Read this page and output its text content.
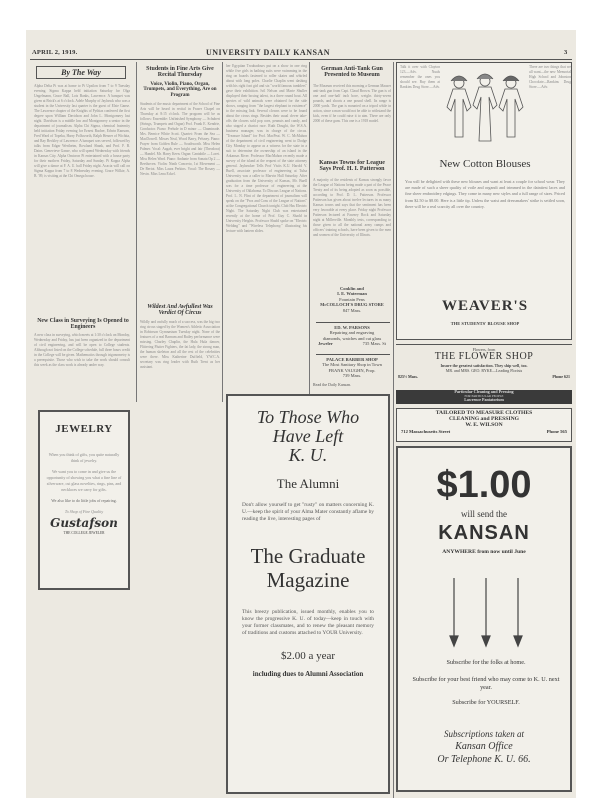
APRIL 2, 1919.	UNIVERSITY DAILY KANSAN	3
By The Way
Alpha Delta Pi was at home to Pi Upsilon from 7 to 9 Tuesday evening. Sigma Kappa held initiation Saturday for Olga Ungelmann, Grace Ball, Lois Banks, Lawrence. A banquet was given at Brick's at 6 o'clock. Adele Murphy of Jayhawk who was a student in the University last quarter is the guest of Elsie Ganse. The Lawrence chapter of the Knights of Pythias conferred the first degree upon William Davidson and John L. Montgomery last night. Davidson is a middle law and Montgomery a senior in the department of journalism. Alpha Chi Sigma, chemical fraternity held initiation Friday evening for Ernest Bacher, Edwin Ransom, Fred Ward of Topeka, Harry Pollsworth, Ralph Hesner of Wichita, and Ray Beckley of Lawrence. A banquet was served, followed by talks from Edgar Wertheim, Rowland Shank, and Prof. F. B. Dains. Genevieve Ganse, who will spend Wednesday with friends in Kansas City. Alpha Omicron Pi entertained with a house party for their mothers Friday, Saturday and Sunday. Pi Kappa Alpha will give a dance at F. A. U. hall Friday night. Acacia will call on Sigma Kappa from 7 to 8 Wednesday evening. Grace Wilkie, A. B. '09, is visiting at the Chi Omega house.
New Class in Surveying Is Opened to Engineers
A new class in surveying, which meets at 1:30 o'clock on Monday, Wednesday and Friday, has just been organized in the department of civil engineering, and will be open to College students. Although not listed on the College schedule, full three hours credit in the College will be given. Mathematics through trigonometry is a prerequisite. Those who wish to take the work should consult this week as the class work is already under way.
JEWELRY
When you think of gifts, you quite naturally think of jewelry.
We want you to come in and give us the opportunity of showing you what a fine line of silverware, cut glass novelties, rings, pins, and necklaces we carry for gifts.
We also like to do little jobs of repairing.
To Shop of Fine Quality
Gustafson
THE COLLEGE JEWELER
Students in Fine Arts Give Recital Thursday
Voice, Violin, Piano, Organ, Trumpets, and Everything, Are on Program
Students of the music department of the School of Fine Arts will be heard in recital in Fraser Chapel on Thursday at 8:15 o'clock. The program will be as follows: Ensemble: Unfinished Symphony — Schubert (Strings, Trumpets and Organ) Prof. Frank E. Kendrie, Conductor. Piano: Prelude in D minor — Chaminade. Mrs. Bernice White Scott. Quartet: From the Sea — MacDowell. Misses Neal, Wood Barry, Pelsney. Piano: Prayer from Golden Rule — Southworth. Miss Helen Palmer. Vocal: Aagab, ever bright and fair (Theodora) — Handel. Mr. Harry Keen. Organ: Cantabile — Loret. Miss Helen Ward. Piano: Andante from Sonata Op 2 — Beethoven. Violin: Ninth Concerto, 1st Movement — De Beriot. Miss Laura Perkins. Vocal: The Rosary — Nevin. Miss Lena Eckel.
Wildest And Awfullest Was Verdict Of Circus
Wildly and awfully much of a success, was the big two ring circus staged by the Women's Athletic Association in Robinson Gymnasium Tuesday night. None of the features of a real Barnum and Bailey performance were missing. Charley Chaplin, the Hula Hula dancer, Flittering Flutter Fighters, the fat lady, the strong man, the human skeleton and all the rest of the celebrities were there. Miss Katherine Duffield, Y.W.C.A. secretary was ring leader with Ruth Trent as her assistant.
her Egyptian Troubadours put on a show in one ring while five girls in bathing suits were swimming in the ring on boards fastened to roller skates and whirled about with long poles. Charlie Chaplin went dashing with his right foot girl and six "world famous tumblers" gave their exhibition. Ivil Nelson and Marie Shuller displayed their boxing talent, in a three round bout. All species of wild animals were obtained for the side shows, ranging from "the largest elephant in existence" to the missing link. Several clowns were to be found about the circus rings. Besides their usual clever take-offs the clowns sold pop corn, peanuts and candy, and also staged a chariot race. Ruth Dought, the W.S.A. business manager, was in charge of the circus. "Treasure Island" for Prof. MacPeat. W. C. McMahon of the department of civil engineering went to Dodge City Monday to appear as a witness for the state in a suit to determine the ownership of an island in the Arkansas River. Professor MacMahon recently made a survey of the island at the request of the state attorney general. Jayhawker Tells Prof Visits K.U. Harold V. Buell, associate professor of engineering at Tulsa University was a caller to Marvin Hall Saturday. After graduation from the University of Kansas, Mr. Buell was for a time professor of engineering at the University of Oklahoma. To Discuss League of Nations. Prof. L. N. Flint of the department of journalism will speak on the "Pros and Cons of the League of Nations" at the Congregational Church tonight. Club Has Electric Night. The Saturday Night Club was entertained recently at the home of Prof. Guy C. Shadd in University Heights. Professor Shadd spoke on "Electric Welding" and "Wireless Telephony," illustrating his lecture with lantern slides.
German Anti-Tank Gun Presented to Museum
The Museum received this morning a German Mauser anti-tank gun from Capt. Claud Brown. The gun is of one and one-half inch bore, weighs thirty-seven pounds, and shoots a one pound shell. Its range is 2000 yards. The gun is mounted on a tripod while in action, since a man would not be able to withstand the kick, even if he could raise it to aim. There are only 2000 of these guns. This one is a 1918 model.
Kansas Towns for League Says Prof. H. I. Patterson
A majority of the residents of Kansas strongly favor the League of Nations being made a part of the Peace Treaty and of its being adopted as soon as possible, according to Prof. D. L. Patterson. Professor Patterson has given about twelve lectures in as many Kansas towns and says that the sentiment has been very favorable at every place. Friday night Professor Patterson lectured at Fawney Rock and Saturday night at Millerville. Monthly tests, corresponding to those given to all the national army camps and officers' training schools, have been given to the men and women of the University of Illinois.
Conklin and
I. E. Waterman
Fountain Pens
McCOLLOCH'S DRUG STORE
847 Mass.
ED. W. PARSONS
Repairing and engraving
diamonds, watches and cut glass
Jeweler	735 Mass. St
PALACE BARBER SHOP
The Most Sanitary Shop in Town
FRANK VAUGHN, Prop.
739 Mass.
Read the Daily Kansan.
To Those Who
Have Left
K. U.
The Alumni
Don't allow yourself to get "rusty" on matters concerning K. U.—keep the spirit of your Alma Mater constantly aflame by reading the live, interesting pages of
The Graduate
Magazine
This breezy publication, issued monthly, enables you to know the progressive K. U. of today—keep in touch with your former classmates, and to renew the pleasant memory of traditions and customs attached to YOUR University.
$2.00 a year
including dues to Alumni Association
Talk it over with Clayton 123.—Adv. Nuals remember the ones you should see. Buy them at Rankins Drug Store.—Adv.
There are two things that we all want—the new Memorial High School and Johnston Chocolate—Rankins Drug Store.—Adv.
New Cotton Blouses
You will be delighted with these new blouses and want at least a couple for school wear. They are made of such a sheer quality of voile and organdi and trimmed in the daintiest laces and fine sheer embroidery edgings. They come in many new styles and a full range of sizes. Priced from $2.50 to $8.00. Here is a little tip. Unless the waist and dressmakers' strike is settled soon, there will be a real scarcity all over the country.
WEAVER'S
THE STUDENTS' BLOUSE SHOP
Flowers, from
THE FLOWER SHOP
Insure the greatest satisfaction. They ship well, too.
MR. and MRS. GEO. RYKE—Leading Florists
825½ Mass.	Phone 621
Particular Cleaning and Pressing
FOR PARTICULAR PEOPLE
Lawrence Pantatorium
TAILORED TO MEASURE CLOTHES
CLEANING and PRESSING
W. E. WILSON
712 Massachusetts Street	Phone 565
$1.00
will send the
KANSAN
ANYWHERE from now until June
Subscribe for the folks at home.
Subscribe for your best friend who may come to K. U. next year.
Subscribe for YOURSELF.
Subscriptions taken at
Kansan Office
Or Telephone K. U. 66.
